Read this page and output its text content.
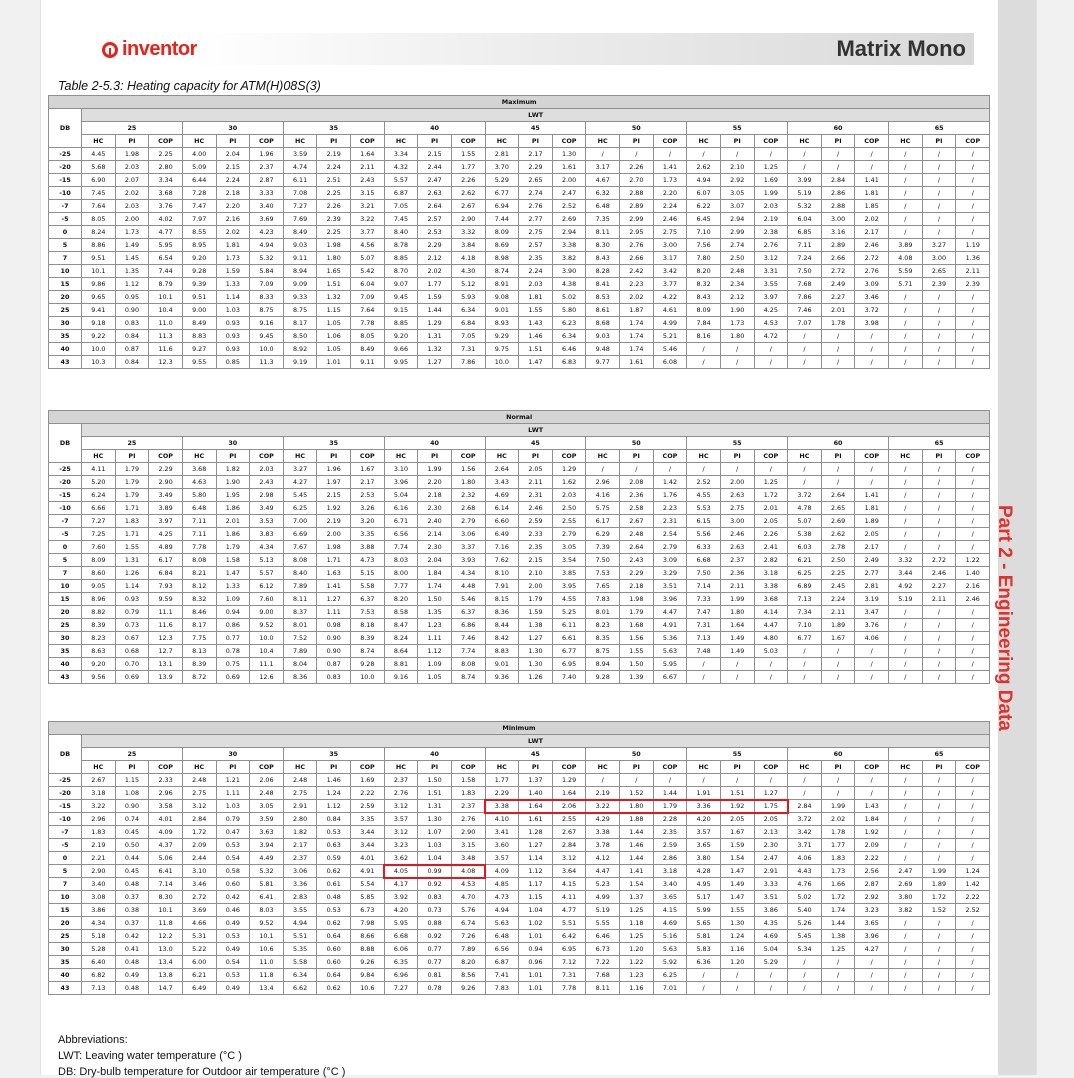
inventor	Matrix Mono
Table 2-5.3: Heating capacity for ATM(H)08S(3)
Part 2 - Engineering Data
Maximum																											
DB	LWT																										
	25			30			35			40			45			50			55			60			65		
	HC	PI	COP	HC	PI	COP	HC	PI	COP	HC	PI	COP	HC	PI	COP	HC	PI	COP	HC	PI	COP	HC	PI	COP	HC	PI	COP
-25	4.45	1.98	2.25	4.00	2.04	1.96	3.59	2.19	1.64	3.34	2.15	1.55	2.81	2.17	1.30	/	/	/	/	/	/	/	/	/	/	/	/
-20	5.68	2.03	2.80	5.09	2.15	2.37	4.74	2.24	2.11	4.32	2.44	1.77	3.70	2.29	1.61	3.17	2.26	1.41	2.62	2.10	1.25	/	/	/	/	/	/
-15	6.90	2.07	3.34	6.44	2.24	2.87	6.11	2.51	2.43	5.57	2.47	2.26	5.29	2.65	2.00	4.67	2.70	1.73	4.94	2.92	1.69	3.99	2.84	1.41	/	/	/
-10	7.45	2.02	3.68	7.28	2.18	3.33	7.08	2.25	3.15	6.87	2.63	2.62	6.77	2.74	2.47	6.32	2.88	2.20	6.07	3.05	1.99	5.19	2.86	1.81	/	/	/
-7	7.64	2.03	3.76	7.47	2.20	3.40	7.27	2.26	3.21	7.05	2.64	2.67	6.94	2.76	2.52	6.48	2.89	2.24	6.22	3.07	2.03	5.32	2.88	1.85	/	/	/
-5	8.05	2.00	4.02	7.97	2.16	3.69	7.69	2.39	3.22	7.45	2.57	2.90	7.44	2.77	2.69	7.35	2.99	2.46	6.45	2.94	2.19	6.04	3.00	2.02	/	/	/
0	8.24	1.73	4.77	8.55	2.02	4.23	8.49	2.25	3.77	8.40	2.53	3.32	8.09	2.75	2.94	8.11	2.95	2.75	7.10	2.99	2.38	6.85	3.16	2.17	/	/	/
5	8.86	1.49	5.95	8.95	1.81	4.94	9.03	1.98	4.56	8.78	2.29	3.84	8.69	2.57	3.38	8.30	2.76	3.00	7.56	2.74	2.76	7.11	2.89	2.46	3.89	3.27	1.19
7	9.51	1.45	6.54	9.20	1.73	5.32	9.11	1.80	5.07	8.85	2.12	4.18	8.98	2.35	3.82	8.43	2.66	3.17	7.80	2.50	3.12	7.24	2.66	2.72	4.08	3.00	1.36
10	10.1	1.35	7.44	9.28	1.59	5.84	8.94	1.65	5.42	8.70	2.02	4.30	8.74	2.24	3.90	8.28	2.42	3.42	8.20	2.48	3.31	7.50	2.72	2.76	5.59	2.65	2.11
15	9.86	1.12	8.79	9.39	1.33	7.09	9.09	1.51	6.04	9.07	1.77	5.12	8.91	2.03	4.38	8.41	2.23	3.77	8.32	2.34	3.55	7.68	2.49	3.09	5.71	2.39	2.39
20	9.65	0.95	10.1	9.51	1.14	8.33	9.33	1.32	7.09	9.45	1.59	5.93	9.08	1.81	5.02	8.53	2.02	4.22	8.43	2.12	3.97	7.86	2.27	3.46	/	/	/
25	9.41	0.90	10.4	9.00	1.03	8.75	8.75	1.15	7.64	9.15	1.44	6.34	9.01	1.55	5.80	8.61	1.87	4.61	8.09	1.90	4.25	7.46	2.01	3.72	/	/	/
30	9.18	0.83	11.0	8.49	0.93	9.16	8.17	1.05	7.78	8.85	1.29	6.84	8.93	1.43	6.23	8.68	1.74	4.99	7.84	1.73	4.53	7.07	1.78	3.98	/	/	/
35	9.22	0.84	11.3	8.83	0.93	9.45	8.50	1.06	8.05	9.20	1.31	7.05	9.29	1.46	6.34	9.03	1.74	5.21	8.16	1.80	4.72	/	/	/	/	/	/
40	10.0	0.87	11.6	9.27	0.93	10.0	8.92	1.05	8.49	9.66	1.32	7.31	9.75	1.51	6.46	9.48	1.74	5.46	/	/	/	/	/	/	/	/	/
43	10.3	0.84	12.3	9.55	0.85	11.3	9.19	1.01	9.11	9.95	1.27	7.86	10.0	1.47	6.83	9.77	1.61	6.08	/	/	/	/	/	/	/	/	/
Normal																											
DB	LWT																										
	25			30			35			40			45			50			55			60			65		
	HC	PI	COP	HC	PI	COP	HC	PI	COP	HC	PI	COP	HC	PI	COP	HC	PI	COP	HC	PI	COP	HC	PI	COP	HC	PI	COP
-25	4.11	1.79	2.29	3.68	1.82	2.03	3.27	1.96	1.67	3.10	1.99	1.56	2.64	2.05	1.29	/	/	/	/	/	/	/	/	/	/	/	/
-20	5.20	1.79	2.90	4.63	1.90	2.43	4.27	1.97	2.17	3.96	2.20	1.80	3.43	2.11	1.62	2.96	2.08	1.42	2.52	2.00	1.25	/	/	/	/	/	/
-15	6.24	1.79	3.49	5.80	1.95	2.98	5.45	2.15	2.53	5.04	2.18	2.32	4.69	2.31	2.03	4.16	2.36	1.76	4.55	2.63	1.72	3.72	2.64	1.41	/	/	/
-10	6.66	1.71	3.89	6.48	1.86	3.49	6.25	1.92	3.26	6.16	2.30	2.68	6.14	2.46	2.50	5.75	2.58	2.23	5.53	2.75	2.01	4.78	2.65	1.81	/	/	/
-7	7.27	1.83	3.97	7.11	2.01	3.53	7.00	2.19	3.20	6.71	2.40	2.79	6.60	2.59	2.55	6.17	2.67	2.31	6.15	3.00	2.05	5.07	2.69	1.89	/	/	/
-5	7.25	1.71	4.25	7.11	1.86	3.83	6.69	2.00	3.35	6.56	2.14	3.06	6.49	2.33	2.79	6.29	2.48	2.54	5.56	2.46	2.26	5.38	2.62	2.05	/	/	/
0	7.60	1.55	4.89	7.78	1.79	4.34	7.67	1.98	3.88	7.74	2.30	3.37	7.16	2.35	3.05	7.39	2.64	2.79	6.33	2.63	2.41	6.03	2.78	2.17	/	/	/
5	8.09	1.31	6.17	8.08	1.58	5.13	8.08	1.71	4.73	8.03	2.04	3.93	7.62	2.15	3.54	7.50	2.43	3.09	6.68	2.37	2.82	6.21	2.50	2.49	3.32	2.72	1.22
7	8.60	1.26	6.84	8.21	1.47	5.57	8.40	1.63	5.15	8.00	1.84	4.34	8.10	2.10	3.85	7.53	2.29	3.29	7.50	2.36	3.18	6.25	2.25	2.77	3.44	2.46	1.40
10	9.05	1.14	7.93	8.12	1.33	6.12	7.89	1.41	5.58	7.77	1.74	4.48	7.91	2.00	3.95	7.65	2.18	3.51	7.14	2.11	3.38	6.89	2.45	2.81	4.92	2.27	2.16
15	8.96	0.93	9.59	8.32	1.09	7.60	8.11	1.27	6.37	8.20	1.50	5.46	8.15	1.79	4.55	7.83	1.98	3.96	7.33	1.99	3.68	7.13	2.24	3.19	5.19	2.11	2.46
20	8.82	0.79	11.1	8.46	0.94	9.00	8.37	1.11	7.53	8.58	1.35	6.37	8.36	1.59	5.25	8.01	1.79	4.47	7.47	1.80	4.14	7.34	2.11	3.47	/	/	/
25	8.39	0.73	11.6	8.17	0.86	9.52	8.01	0.98	8.18	8.47	1.23	6.86	8.44	1.38	6.11	8.23	1.68	4.91	7.31	1.64	4.47	7.10	1.89	3.76	/	/	/
30	8.23	0.67	12.3	7.75	0.77	10.0	7.52	0.90	8.39	8.24	1.11	7.46	8.42	1.27	6.61	8.35	1.56	5.36	7.13	1.49	4.80	6.77	1.67	4.06	/	/	/
35	8.63	0.68	12.7	8.13	0.78	10.4	7.89	0.90	8.74	8.64	1.12	7.74	8.83	1.30	6.77	8.75	1.55	5.63	7.48	1.49	5.03	/	/	/	/	/	/
40	9.20	0.70	13.1	8.39	0.75	11.1	8.04	0.87	9.28	8.81	1.09	8.08	9.01	1.30	6.95	8.94	1.50	5.95	/	/	/	/	/	/	/	/	/
43	9.56	0.69	13.9	8.72	0.69	12.6	8.36	0.83	10.0	9.16	1.05	8.74	9.36	1.26	7.40	9.28	1.39	6.67	/	/	/	/	/	/	/	/	/
Minimum																											
DB	LWT																										
	25			30			35			40			45			50			55			60			65		
	HC	PI	COP	HC	PI	COP	HC	PI	COP	HC	PI	COP	HC	PI	COP	HC	PI	COP	HC	PI	COP	HC	PI	COP	HC	PI	COP
-25	2.67	1.15	2.33	2.48	1.21	2.06	2.48	1.46	1.69	2.37	1.50	1.58	1.77	1.37	1.29	/	/	/	/	/	/	/	/	/	/	/	/
-20	3.18	1.08	2.96	2.75	1.11	2.48	2.75	1.24	2.22	2.76	1.51	1.83	2.29	1.40	1.64	2.19	1.52	1.44	1.91	1.51	1.27	/	/	/	/	/	/
-15	3.22	0.90	3.58	3.12	1.03	3.05	2.91	1.12	2.59	3.12	1.31	2.37	3.38	1.64	2.06	3.22	1.80	1.79	3.36	1.92	1.75	2.84	1.99	1.43	/	/	/
-10	2.96	0.74	4.01	2.84	0.79	3.59	2.80	0.84	3.35	3.57	1.30	2.76	4.10	1.61	2.55	4.29	1.88	2.28	4.20	2.05	2.05	3.72	2.02	1.84	/	/	/
-7	1.83	0.45	4.09	1.72	0.47	3.63	1.82	0.53	3.44	3.12	1.07	2.90	3.41	1.28	2.67	3.38	1.44	2.35	3.57	1.67	2.13	3.42	1.78	1.92	/	/	/
-5	2.19	0.50	4.37	2.09	0.53	3.94	2.17	0.63	3.44	3.23	1.03	3.15	3.60	1.27	2.84	3.78	1.46	2.59	3.65	1.59	2.30	3.71	1.77	2.09	/	/	/
0	2.21	0.44	5.06	2.44	0.54	4.49	2.37	0.59	4.01	3.62	1.04	3.48	3.57	1.14	3.12	4.12	1.44	2.86	3.80	1.54	2.47	4.06	1.83	2.22	/	/	/
5	2.90	0.45	6.41	3.10	0.58	5.32	3.06	0.62	4.91	4.05	0.99	4.08	4.09	1.12	3.64	4.47	1.41	3.18	4.28	1.47	2.91	4.43	1.73	2.56	2.47	1.99	1.24
7	3.40	0.48	7.14	3.46	0.60	5.81	3.36	0.61	5.54	4.17	0.92	4.53	4.85	1.17	4.15	5.23	1.54	3.40	4.95	1.49	3.33	4.76	1.66	2.87	2.69	1.89	1.42
10	3.08	0.37	8.30	2.72	0.42	6.41	2.83	0.48	5.85	3.92	0.83	4.70	4.73	1.15	4.11	4.99	1.37	3.65	5.17	1.47	3.51	5.02	1.72	2.92	3.80	1.72	2.22
15	3.86	0.38	10.1	3.69	0.46	8.03	3.55	0.53	6.73	4.20	0.73	5.76	4.94	1.04	4.77	5.19	1.25	4.15	5.99	1.55	3.86	5.40	1.74	3.23	3.82	1.52	2.52
20	4.34	0.37	11.8	4.66	0.49	9.52	4.94	0.62	7.98	5.95	0.88	6.74	5.63	1.02	5.51	5.55	1.18	4.69	5.65	1.30	4.35	5.26	1.44	3.65	/	/	/
25	5.18	0.42	12.2	5.31	0.53	10.1	5.51	0.64	8.66	6.68	0.92	7.26	6.48	1.01	6.42	6.46	1.25	5.16	5.81	1.24	4.69	5.45	1.38	3.96	/	/	/
30	5.28	0.41	13.0	5.22	0.49	10.6	5.35	0.60	8.88	6.06	0.77	7.89	6.56	0.94	6.95	6.73	1.20	5.63	5.83	1.16	5.04	5.34	1.25	4.27	/	/	/
35	6.40	0.48	13.4	6.00	0.54	11.0	5.58	0.60	9.26	6.35	0.77	8.20	6.87	0.96	7.12	7.22	1.22	5.92	6.36	1.20	5.29	/	/	/	/	/	/
40	6.82	0.49	13.8	6.21	0.53	11.8	6.34	0.64	9.84	6.96	0.81	8.56	7.41	1.01	7.31	7.68	1.23	6.25	/	/	/	/	/	/	/	/	/
43	7.13	0.48	14.7	6.49	0.49	13.4	6.62	0.62	10.6	7.27	0.78	9.26	7.83	1.01	7.78	8.11	1.16	7.01	/	/	/	/	/	/	/	/	/
Abbreviations:
LWT: Leaving water temperature (°C )
DB: Dry-bulb temperature for Outdoor air temperature (°C )
